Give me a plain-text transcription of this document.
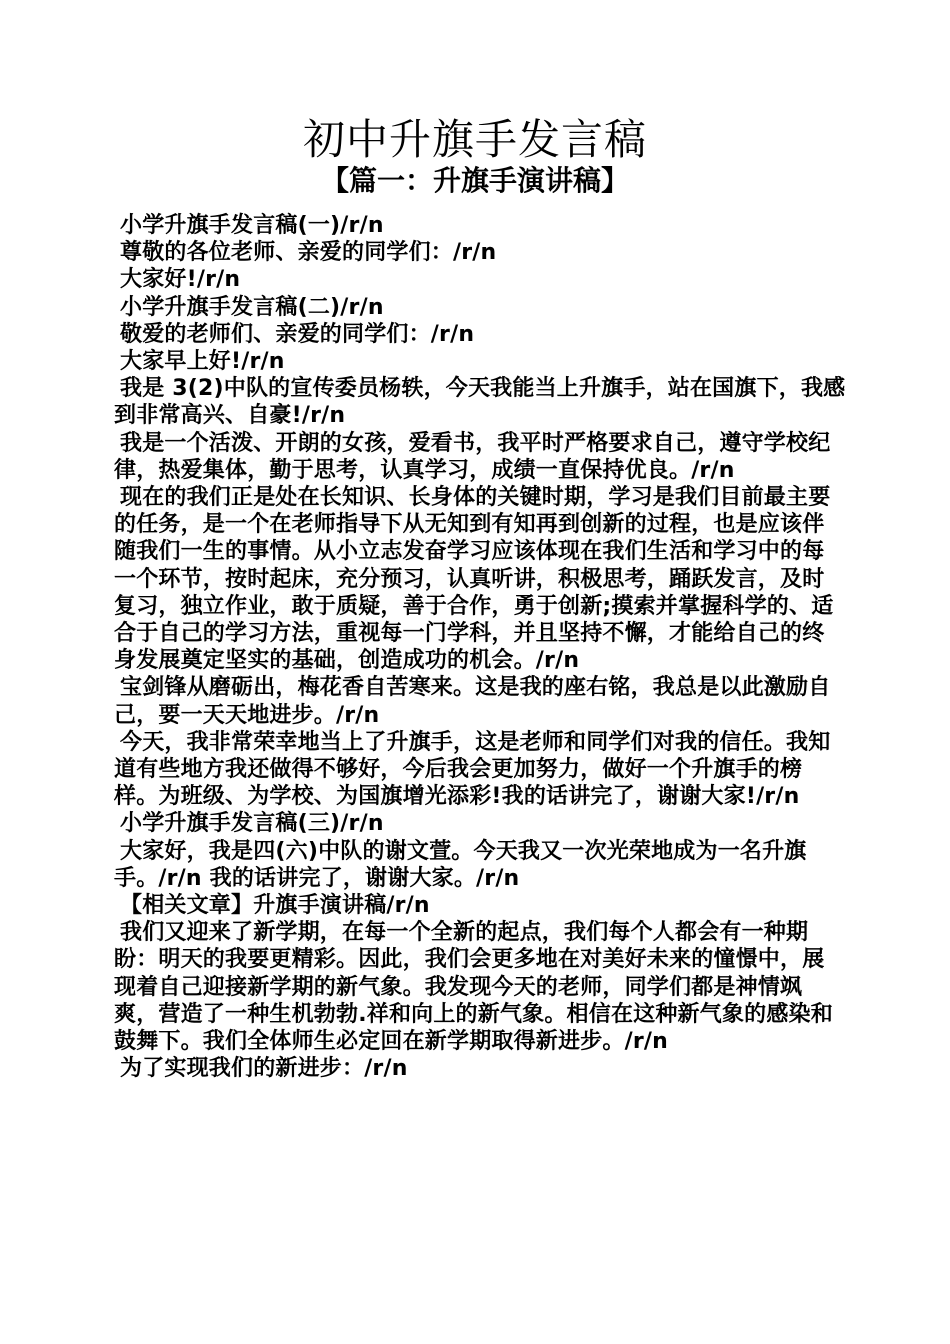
初中升旗手发言稿
【篇一：升旗手演讲稿】

小学升旗手发言稿(一)/r/n

尊敬的各位老师、亲爱的同学们：/r/n

大家好!/r/n

小学升旗手发言稿(二)/r/n

敬爱的老师们、亲爱的同学们：/r/n

大家早上好!/r/n

我是 3(2)中队的宣传委员杨轶，今天我能当上升旗手，站在国旗下，我感到非常高兴、自豪!/r/n

我是一个活泼、开朗的女孩，爱看书，我平时严格要求自己，遵守学校纪律，热爱集体，勤于思考，认真学习，成绩一直保持优良。/r/n

现在的我们正是处在长知识、长身体的关键时期，学习是我们目前最主要的任务，是一个在老师指导下从无知到有知再到创新的过程，也是应该伴随我们一生的事情。从小立志发奋学习应该体现在我们生活和学习中的每一个环节，按时起床，充分预习，认真听讲，积极思考，踊跃发言，及时复习，独立作业，敢于质疑，善于合作，勇于创新;摸索并掌握科学的、适合于自己的学习方法，重视每一门学科，并且坚持不懈，才能给自己的终身发展奠定坚实的基础，创造成功的机会。/r/n

宝剑锋从磨砺出，梅花香自苦寒来。这是我的座右铭，我总是以此激励自己，要一天天地进步。/r/n

今天，我非常荣幸地当上了升旗手，这是老师和同学们对我的信任。我知道有些地方我还做得不够好，今后我会更加努力，做好一个升旗手的榜样。为班级、为学校、为国旗增光添彩!我的话讲完了，谢谢大家!/r/n

小学升旗手发言稿(三)/r/n

大家好，我是四(六)中队的谢文萱。今天我又一次光荣地成为一名升旗手。/r/n 我的话讲完了，谢谢大家。/r/n

【相关文章】升旗手演讲稿/r/n

我们又迎来了新学期，在每一个全新的起点，我们每个人都会有一种期盼：明天的我要更精彩。因此，我们会更多地在对美好未来的憧憬中，展现着自己迎接新学期的新气象。我发现今天的老师，同学们都是神情飒爽，营造了一种生机勃勃.祥和向上的新气象。相信在这种新气象的感染和鼓舞下。我们全体师生必定回在新学期取得新进步。/r/n

为了实现我们的新进步：/r/n
